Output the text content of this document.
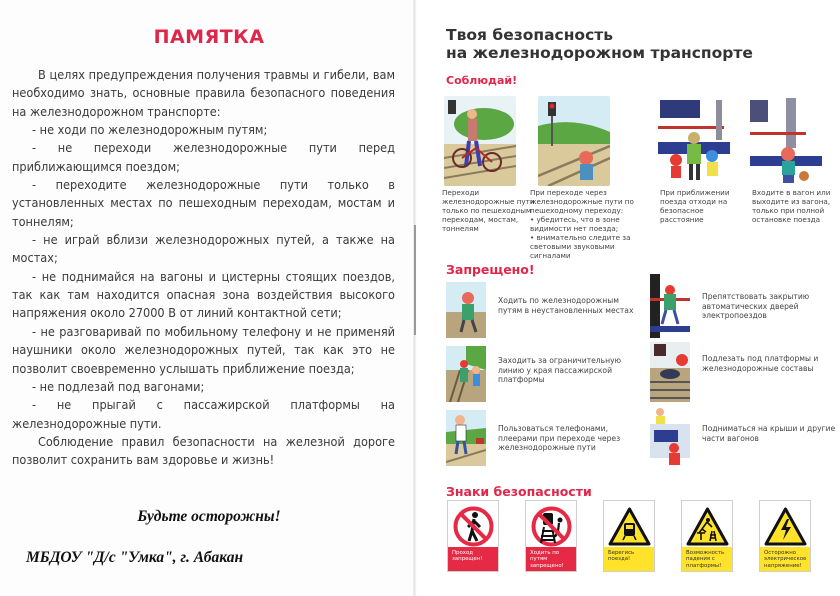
ПАМЯТКА

В целях предупреждения получения травмы и гибели, вам необходимо знать, основные правила безопасного поведения на железнодорожном транспорте:

- не ходи по железнодорожным путям;

- не переходи железнодорожные пути перед приближающимся поездом;

- переходите железнодорожные пути только в установленных местах по пешеходным переходам, мостам и тоннелям;

- не играй вблизи железнодорожных путей, а также на мостах;

- не поднимайся на вагоны и цистерны стоящих поездов, так как там находится опасная зона воздействия высокого напряжения около 27000 В от линий контактной сети;

- не разговаривай по мобильному телефону и не применяй наушники около железнодорожных путей, так как это не позволит своевременно услышать приближение поезда;

- не подлезай под вагонами;

- не прыгай с пассажирской платформы на железнодорожные пути.

Соблюдение правил безопасности на железной дороге позволит сохранить вам здоровье и жизнь!

Будьте осторожны!
МБДОУ "Д/с "Умка", г. Абакан
Твоя безопасность
на железнодорожном транспорте
Соблюдай!
Переходи железнодорожные пути только по пешеходным переходам, мостам, тоннелям
При переходе через железнодорожные пути по пешеходному переходу:
• убедитесь, что в зоне видимости нет поезда;
• внимательно следите за световыми звуковыми сигналами
При приближении поезда отходи на безопасное расстояние
Входите в вагон или выходите из вагона, только при полной остановке поезда
Запрещено!
Ходить по железнодорожным путям в неустановленных местах
Препятствовать закрытию автоматических дверей электропоездов
Заходить за ограничительную линию у края пассажирской платформы
Подлезать под платформы и железнодорожные составы
Пользоваться телефонами, плеерами при переходе через железнодорожные пути
Подниматься на крыши и другие части вагонов
Знаки безопасности
Проход запрещен!
Ходить по путям запрещено!
Берегись поезда!
Возможность падения с платформы!
Осторожно электрическое напряжение!
